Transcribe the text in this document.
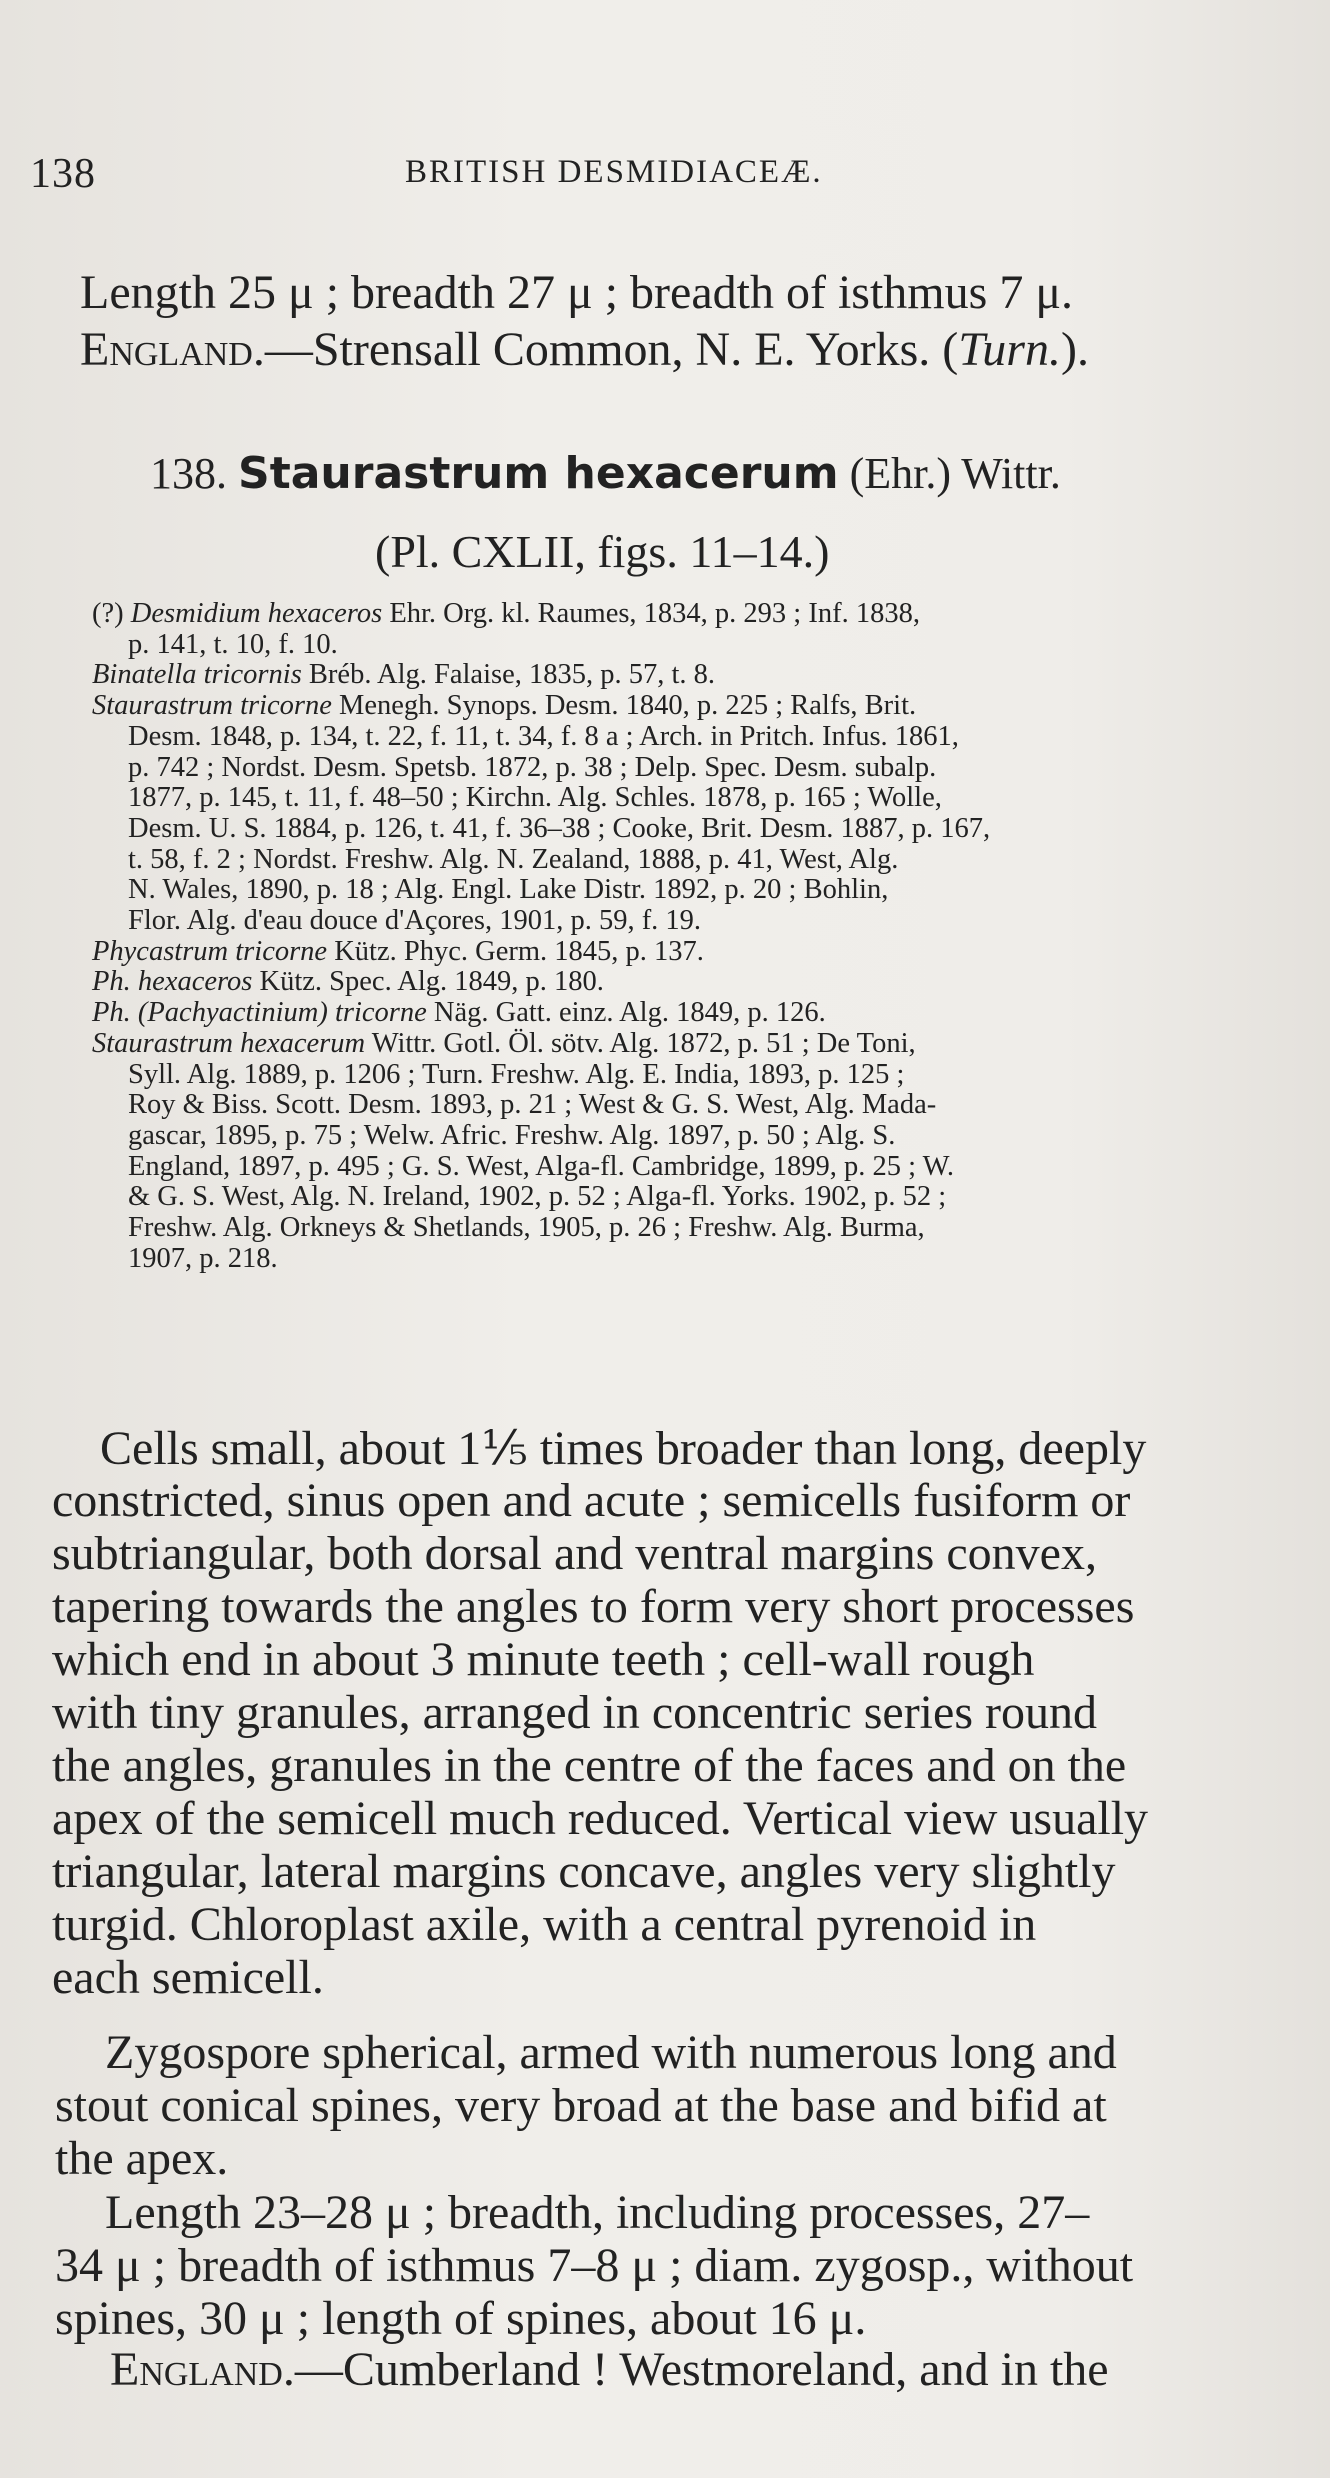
138	BRITISH DESMIDIACEÆ.
Length 25 μ ; breadth 27 μ ; breadth of isthmus 7 μ.
England.—Strensall Common, N. E. Yorks. (Turn.).
138. Staurastrum hexacerum (Ehr.) Wittr.
(Pl. CXLII, figs. 11–14.)
(?) Desmidium hexaceros Ehr. Org. kl. Raumes, 1834, p. 293 ; Inf. 1838,
p. 141, t. 10, f. 10.
Binatella tricornis Bréb. Alg. Falaise, 1835, p. 57, t. 8.
Staurastrum tricorne Menegh. Synops. Desm. 1840, p. 225 ; Ralfs, Brit.
Desm. 1848, p. 134, t. 22, f. 11, t. 34, f. 8 a ; Arch. in Pritch. Infus. 1861,
p. 742 ; Nordst. Desm. Spetsb. 1872, p. 38 ; Delp. Spec. Desm. subalp.
1877, p. 145, t. 11, f. 48–50 ; Kirchn. Alg. Schles. 1878, p. 165 ; Wolle,
Desm. U. S. 1884, p. 126, t. 41, f. 36–38 ; Cooke, Brit. Desm. 1887, p. 167,
t. 58, f. 2 ; Nordst. Freshw. Alg. N. Zealand, 1888, p. 41, West, Alg.
N. Wales, 1890, p. 18 ; Alg. Engl. Lake Distr. 1892, p. 20 ; Bohlin,
Flor. Alg. d'eau douce d'Açores, 1901, p. 59, f. 19.
Phycastrum tricorne Kütz. Phyc. Germ. 1845, p. 137.
Ph. hexaceros Kütz. Spec. Alg. 1849, p. 180.
Ph. (Pachyactinium) tricorne Näg. Gatt. einz. Alg. 1849, p. 126.
Staurastrum hexacerum Wittr. Gotl. Öl. sötv. Alg. 1872, p. 51 ; De Toni,
Syll. Alg. 1889, p. 1206 ; Turn. Freshw. Alg. E. India, 1893, p. 125 ;
Roy & Biss. Scott. Desm. 1893, p. 21 ; West & G. S. West, Alg. Mada-
gascar, 1895, p. 75 ; Welw. Afric. Freshw. Alg. 1897, p. 50 ; Alg. S.
England, 1897, p. 495 ; G. S. West, Alga-fl. Cambridge, 1899, p. 25 ; W.
& G. S. West, Alg. N. Ireland, 1902, p. 52 ; Alga-fl. Yorks. 1902, p. 52 ;
Freshw. Alg. Orkneys & Shetlands, 1905, p. 26 ; Freshw. Alg. Burma,
1907, p. 218.
Cells small, about 1⅕ times broader than long, deeply
constricted, sinus open and acute ; semicells fusiform or
subtriangular, both dorsal and ventral margins convex,
tapering towards the angles to form very short processes
which end in about 3 minute teeth ; cell-wall rough
with tiny granules, arranged in concentric series round
the angles, granules in the centre of the faces and on the
apex of the semicell much reduced. Vertical view usually
triangular, lateral margins concave, angles very slightly
turgid. Chloroplast axile, with a central pyrenoid in
each semicell.
Zygospore spherical, armed with numerous long and
stout conical spines, very broad at the base and bifid at
the apex.
Length 23–28 μ ; breadth, including processes, 27–
34 μ ; breadth of isthmus 7–8 μ ; diam. zygosp., without
spines, 30 μ ; length of spines, about 16 μ.
England.—Cumberland ! Westmoreland, and in the
